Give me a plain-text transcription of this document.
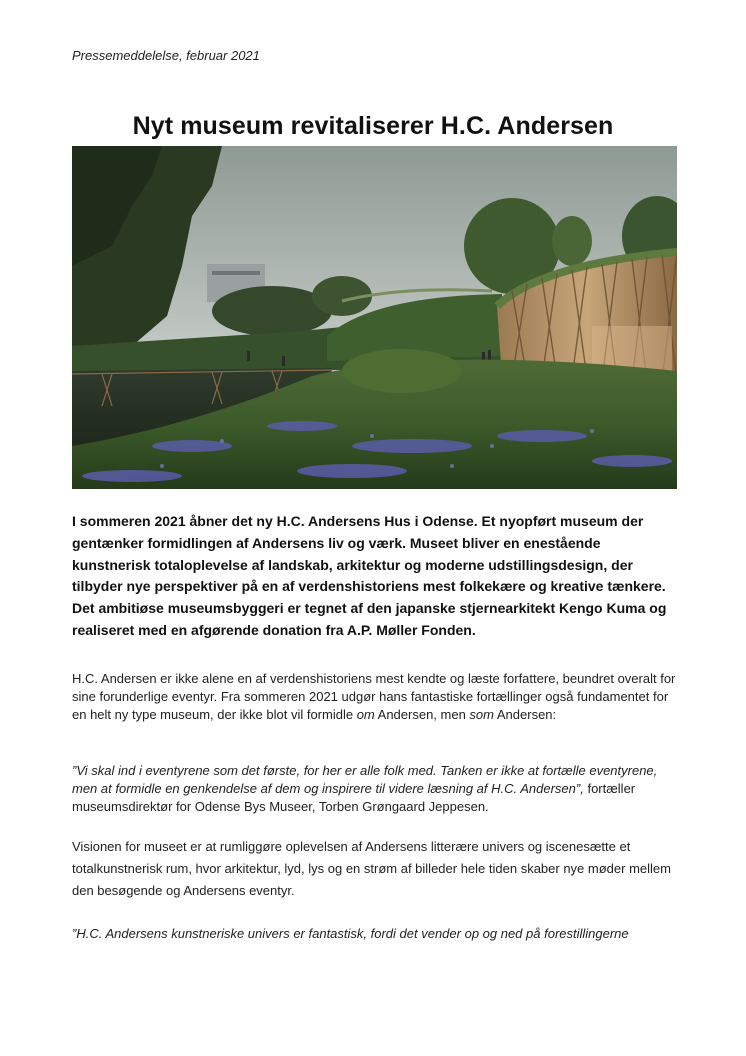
Pressemeddelelse, februar 2021
Nyt museum revitaliserer H.C. Andersen

I sommeren 2021 åbner det ny H.C. Andersens Hus i Odense. Et nyopført museum der gentænker formidlingen af Andersens liv og værk. Museet bliver en enestående kunstnerisk totaloplevelse af landskab, arkitektur og moderne udstillingsdesign, der tilbyder nye perspektiver på en af verdenshistoriens mest folkekære og kreative tænkere. Det ambitiøse museumsbyggeri er tegnet af den japanske stjernearkitekt Kengo Kuma og realiseret med en afgørende donation fra A.P. Møller Fonden.

H.C. Andersen er ikke alene en af verdenshistoriens mest kendte og læste forfattere, beundret overalt for sine forunderlige eventyr. Fra sommeren 2021 udgør hans fantastiske fortællinger også fundamentet for en helt ny type museum, der ikke blot vil formidle om Andersen, men som Andersen:

”Vi skal ind i eventyrene som det første, for her er alle folk med. Tanken er ikke at fortælle eventyrene, men at formidle en genkendelse af dem og inspirere til videre læsning af H.C. Andersen”, fortæller museumsdirektør for Odense Bys Museer, Torben Grøngaard Jeppesen.

Visionen for museet er at rumliggøre oplevelsen af Andersens litterære univers og iscenesætte et totalkunstnerisk rum, hvor arkitektur, lyd, lys og en strøm af billeder hele tiden skaber nye møder mellem den besøgende og Andersens eventyr.

”H.C. Andersens kunstneriske univers er fantastisk, fordi det vender op og ned på forestillingerne
